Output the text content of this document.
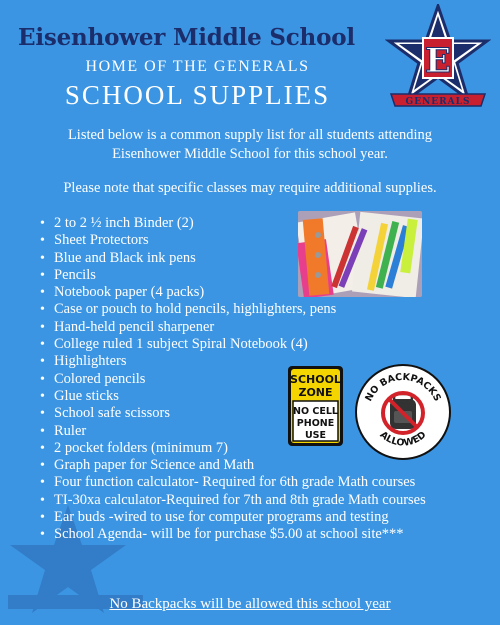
Eisenhower Middle School
HOME OF THE GENERALS
SCHOOL SUPPLIES
E
GENERALS
Listed below is a common supply list for all students attending
Eisenhower Middle School for this school year.
Please note that specific classes may require additional supplies.
• 2 to 2 ½ inch Binder (2)
• Sheet Protectors
• Blue and Black ink pens
• Pencils
• Notebook paper (4 packs)
• Case or pouch to hold pencils, highlighters, pens
• Hand-held pencil sharpener
• College ruled 1 subject Spiral Notebook (4)
• Highlighters
• Colored pencils
• Glue sticks
• School safe scissors
• Ruler
• 2 pocket folders (minimum 7)
• Graph paper for Science and Math
• Four function calculator- Required for 6th grade Math courses
• TI-30xa calculator-Required for 7th and 8th grade Math courses
• Ear buds -wired to use for computer programs and testing
• School Agenda- will be for purchase $5.00 at school site***
SCHOOL
ZONE
NO CELL
PHONE
USE
NO BACKPACKS
ALLOWED
No Backpacks will be allowed this school year
